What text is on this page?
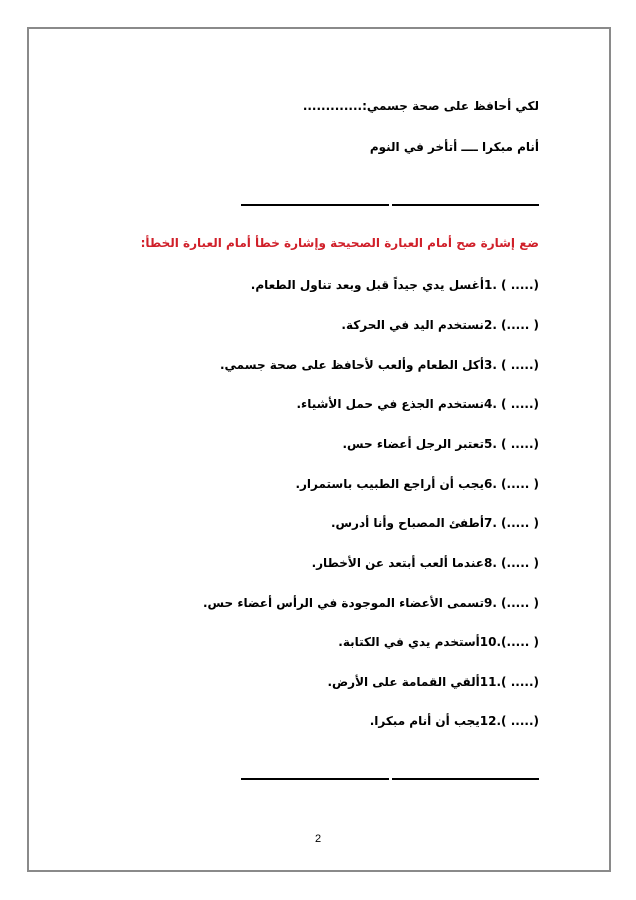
لكي أحافظ على صحة جسمي:.............
أنام مبكرا ــــ أتأخر في النوم
ضع إشارة صح أمام العبارة الصحيحة وإشارة خطأ أمام العبارة الخطأ:
(..... ) .1أغسل يدي جيداً قبل وبعد تناول الطعام.
( .....) .2نستخدم اليد في الحركة.
(..... ) .3أكل الطعام وألعب لأحافظ على صحة جسمي.
(..... ) .4نستخدم الجذع في حمل الأشياء.
(..... ) .5تعتبر الرجل أعضاء حس.
( .....) .6يجب أن أراجع الطبيب باستمرار.
( .....) .7أطفئ المصباح وأنا أدرس.
( .....) .8عندما ألعب أبتعد عن الأخطار.
( .....) .9تسمى الأعضاء الموجودة في الرأس أعضاء حس.
( .....).10أستخدم يدي في الكتابة.
(..... ).11ألقي القمامة على الأرض.
(..... ).12يجب أن أنام مبكرا.
2
